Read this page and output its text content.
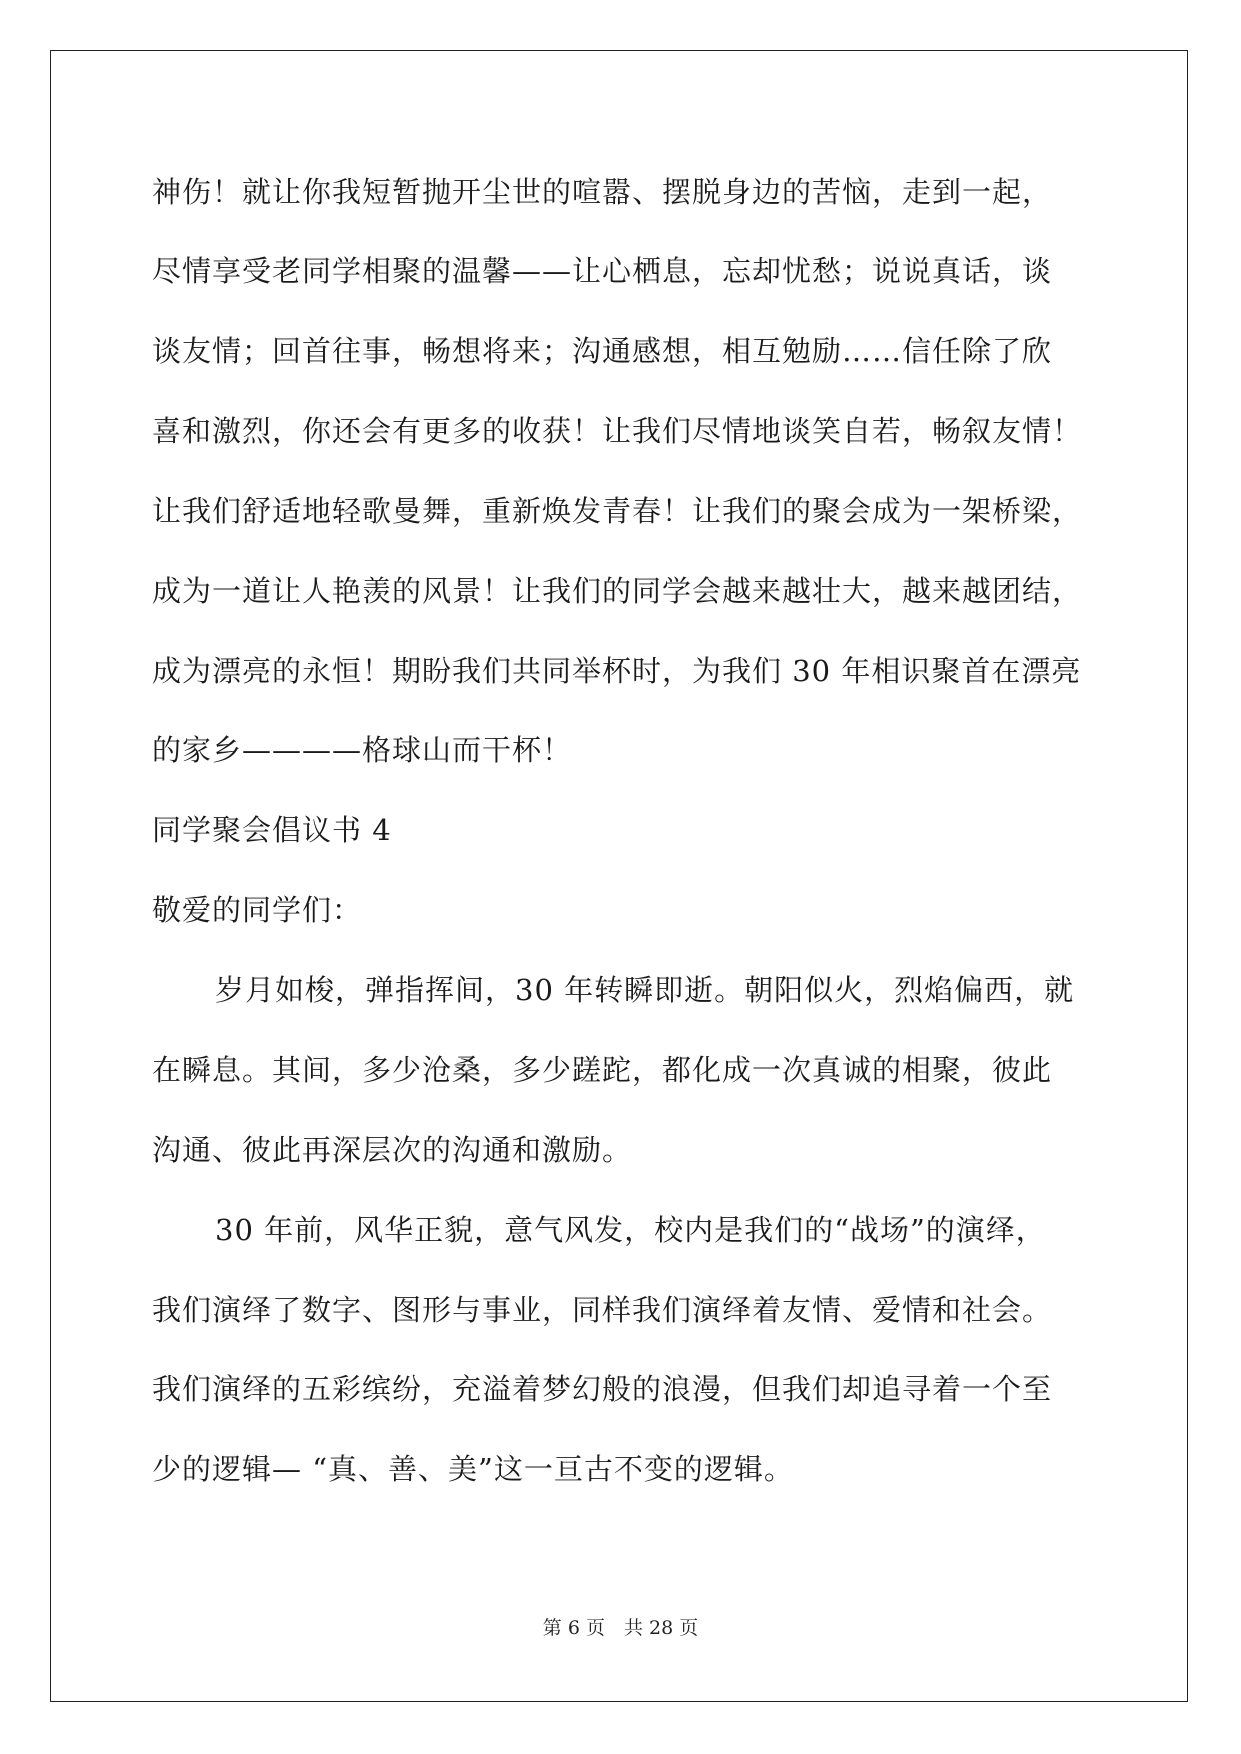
神伤！就让你我短暂抛开尘世的喧嚣、摆脱身边的苦恼，走到一起，
尽情享受老同学相聚的温馨——让心栖息，忘却忧愁；说说真话，谈
谈友情；回首往事，畅想将来；沟通感想，相互勉励……信任除了欣
喜和激烈，你还会有更多的收获！让我们尽情地谈笑自若，畅叙友情！
让我们舒适地轻歌曼舞，重新焕发青春！让我们的聚会成为一架桥梁，
成为一道让人艳羡的风景！让我们的同学会越来越壮大，越来越团结，
成为漂亮的永恒！期盼我们共同举杯时，为我们 30 年相识聚首在漂亮
的家乡————格球山而干杯！
同学聚会倡议书 4
敬爱的同学们：
岁月如梭，弹指挥间，30 年转瞬即逝。朝阳似火，烈焰偏西，就
在瞬息。其间，多少沧桑，多少蹉跎，都化成一次真诚的相聚，彼此
沟通、彼此再深层次的沟通和激励。
30 年前，风华正貌，意气风发，校内是我们的“战场”的演绎，
我们演绎了数字、图形与事业，同样我们演绎着友情、爱情和社会。
我们演绎的五彩缤纷，充溢着梦幻般的浪漫，但我们却追寻着一个至
少的逻辑— “真、善、美”这一亘古不变的逻辑。
第 6 页　共 28 页
